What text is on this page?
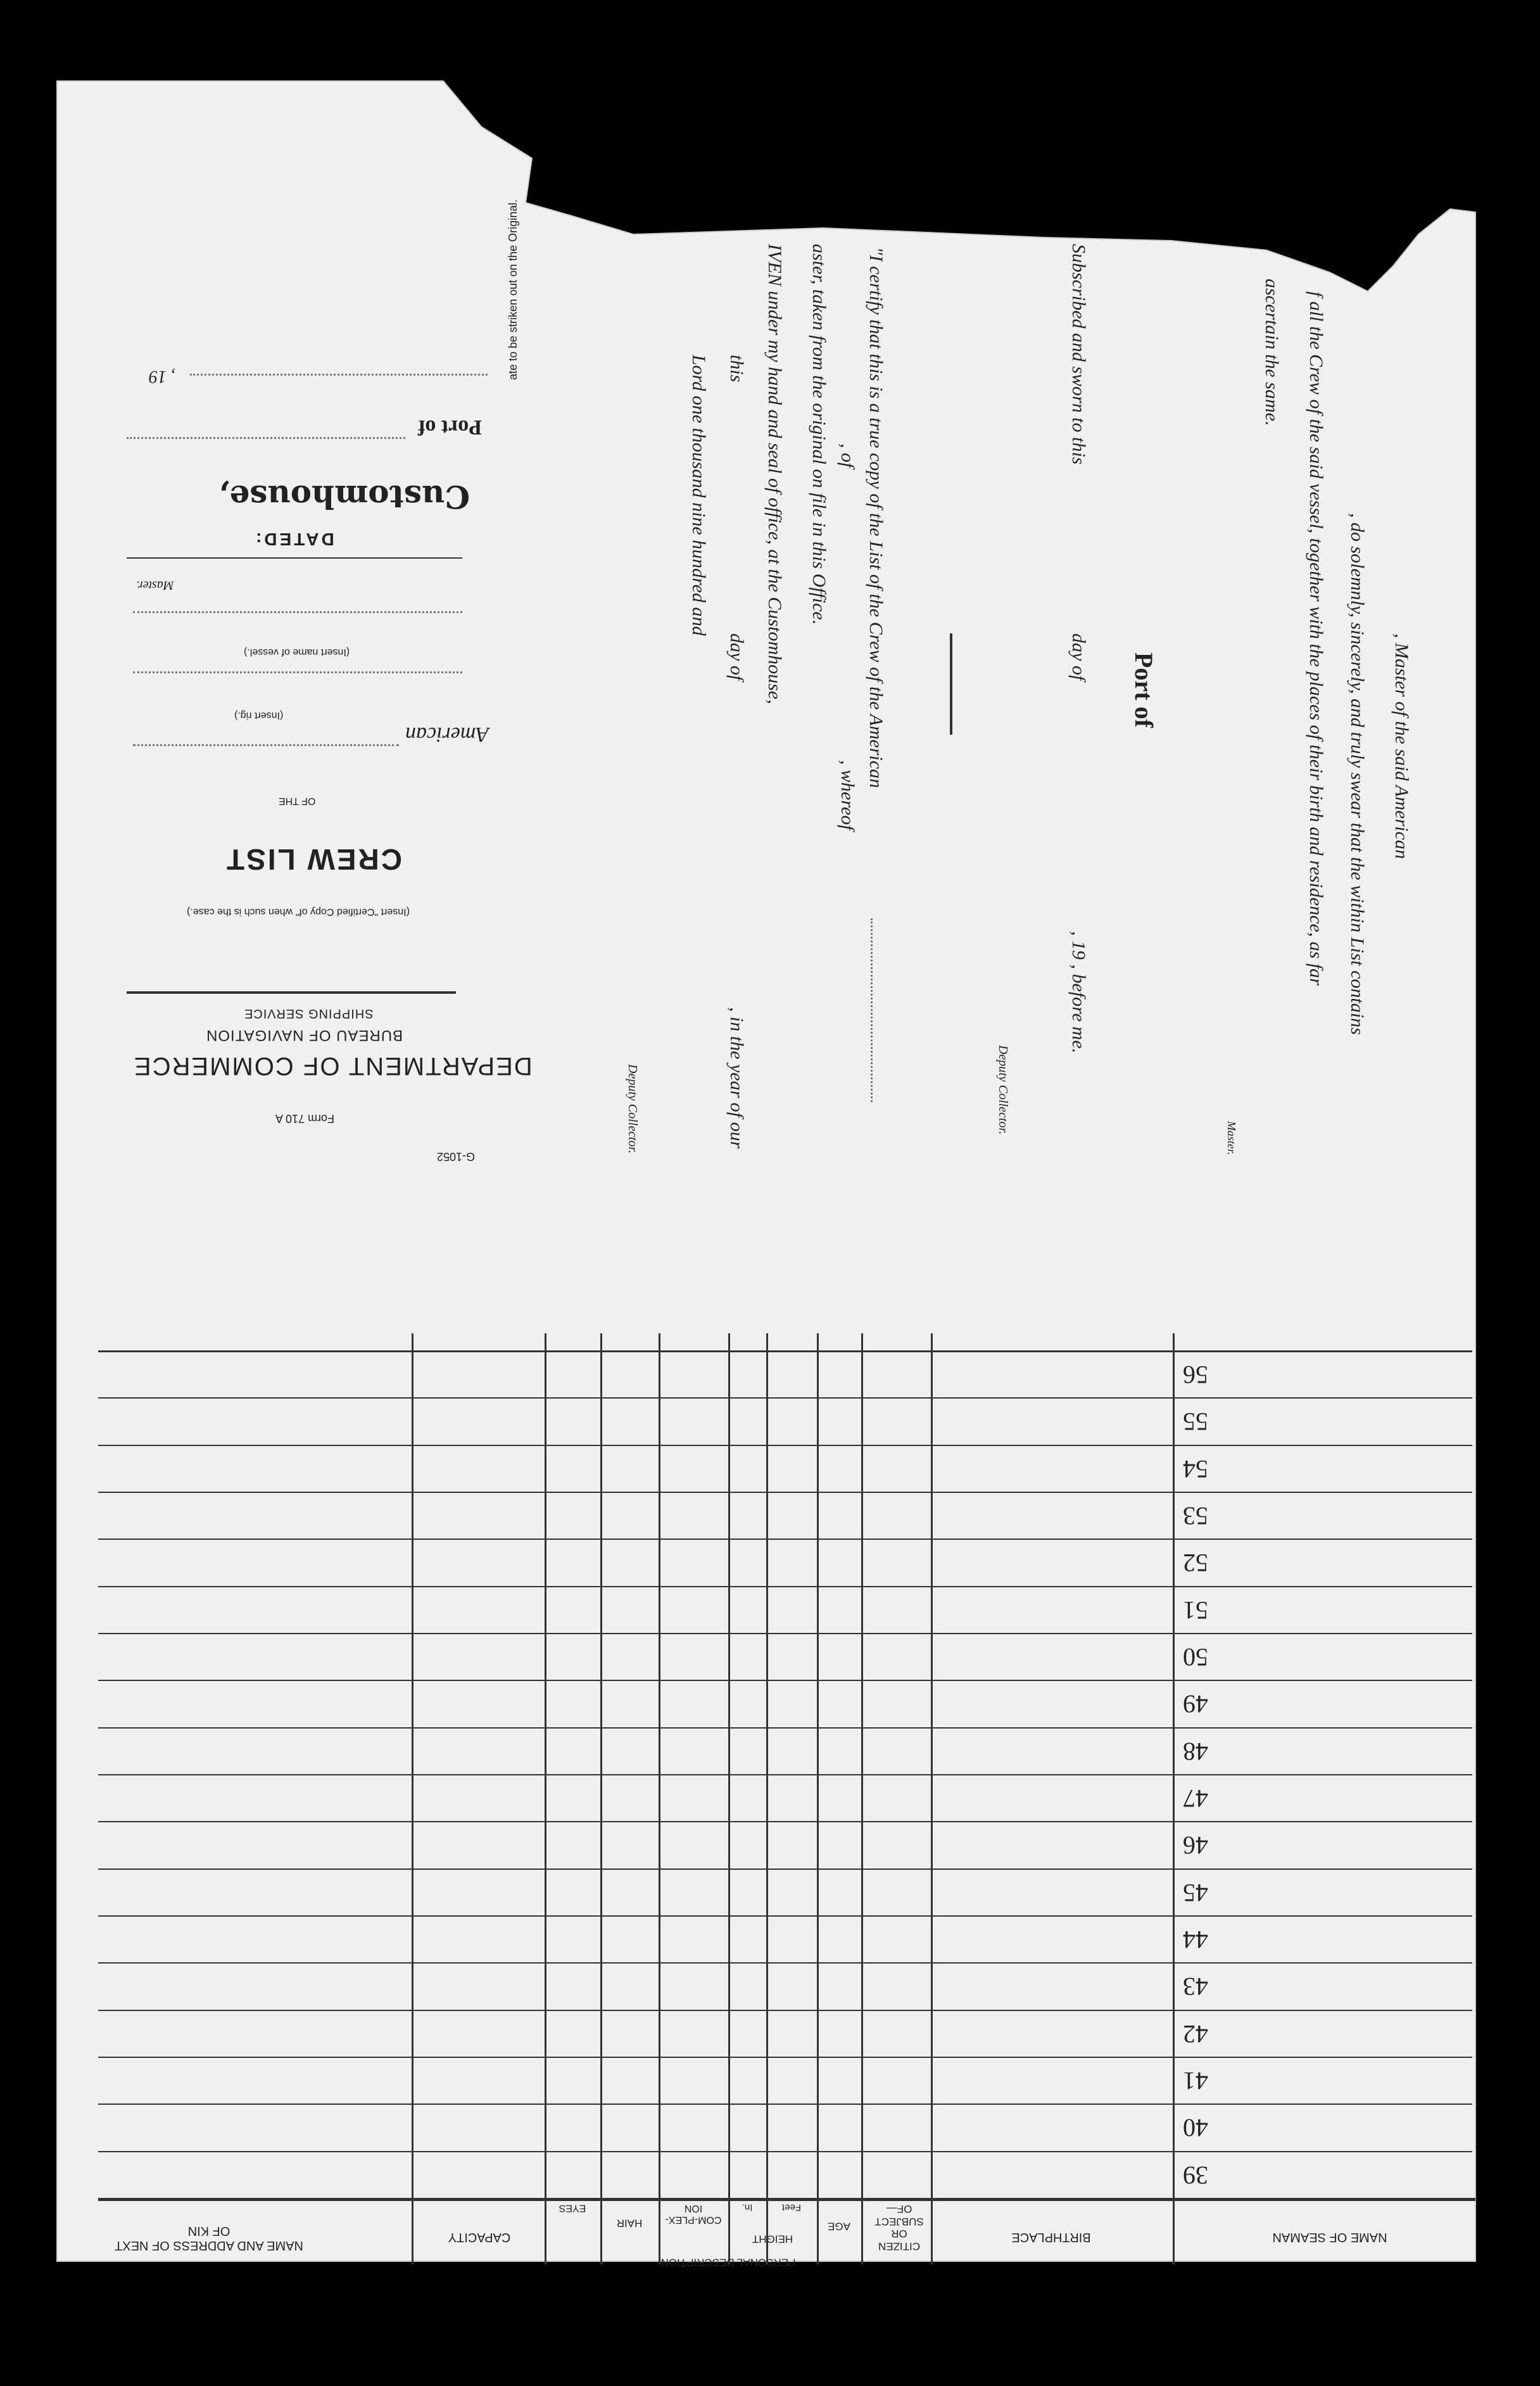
G-1052
Form 710 A
DEPARTMENT OF COMMERCE
BUREAU OF NAVIGATION
SHIPPING SERVICE
(Insert "Certified Copy of" when such is the case.)
CREW LIST
OF THE
American
(Insert rig.)
(Insert name of vessel.)
Master.
DATED:
Customhouse,
Port of
, 19	ate to be striken out on the Original.	"I certify that this is a true copy of the List of the Crew of the American
, of
, whereof
aster, taken from the original on file in this Office.
IVEN under my hand and seal of office, at the Customhouse,
this
day of
, in the year of our
Lord one thousand nine hundred and
Deputy Collector.
, Master of the said American
, do solemnly, sincerely, and truly swear that the within List contains
f all the Crew of the said vessel, together with the places of their birth and residence, as far
ascertain the same.
Master.
Port of
Subscribed and sworn to this
day of
, 19 , before me.
Deputy Collector.
NAME OF SEAMAN
BIRTHPLACE
CITIZEN OR SUBJECT OF—
AGE
HEIGHT
Feet
In.
COM-PLEX-ION
HAIR
EYES
CAPACITY
NAME AND ADDRESS OF NEXT OF KIN
PERSONAL DESCRIPTION
39
40
41
42
43
44
45
46
47
48
49
50
51
52
53
54
55
56
